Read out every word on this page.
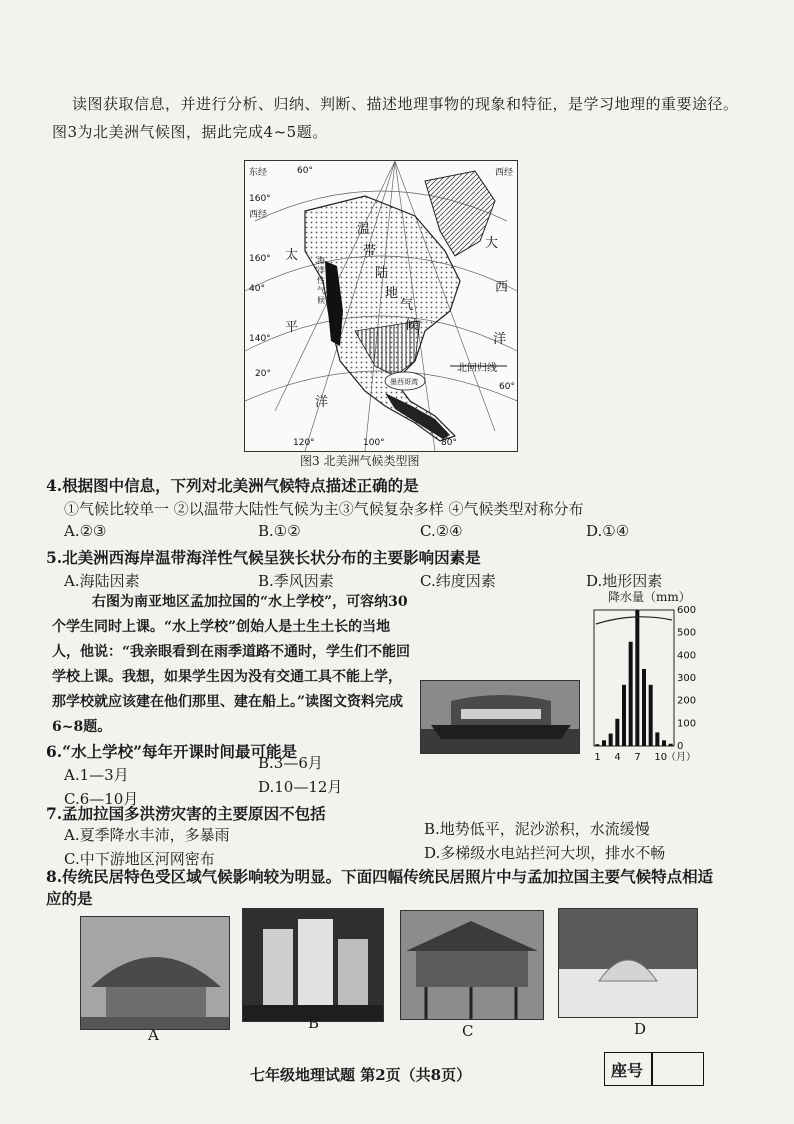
读图获取信息，并进行分析、归纳、判断、描述地理事物的现象和特征，是学习地理的重要途径。图3为北美洲气候图，据此完成4~5题。
东经
160°
西经
60°	西经
160°
40°
140°
20°
120°	100°	80°
60°
北回归线
墨西哥湾
太
平
洋
大
西
洋
温
带
陆
地
气
候
海
洋
性
气
候
图3 北美洲气候类型图
4.根据图中信息，下列对北美洲气候特点描述正确的是
①气候比较单一 ②以温带大陆性气候为主③气候复杂多样 ④气候类型对称分布
A.②③	B.①②	C.②④	D.①④
5.北美洲西海岸温带海洋性气候呈狭长状分布的主要影响因素是
A.海陆因素	B.季风因素	C.纬度因素	D.地形因素
右图为南亚地区孟加拉国的“水上学校”，可容纳30个学生同时上课。“水上学校”创始人是土生土长的当地人，他说：“我亲眼看到在雨季道路不通时，学生们不能回学校上课。我想，如果学生因为没有交通工具不能上学，那学校就应该建在他们那里、建在船上。”读图文资料完成6~8题。
降水量（mm）
0
100
200
300
400
500
600
1 4 7 10
（月）
6.“水上学校”每年开课时间最可能是
A.1—3月
B.3—6月
C.6—10月
D.10—12月
7.孟加拉国多洪涝灾害的主要原因不包括
A.夏季降水丰沛，多暴雨	B.地势低平，泥沙淤积，水流缓慢
C.中下游地区河网密布	D.多梯级水电站拦河大坝，排水不畅
8.传统民居特色受区域气候影响较为明显。下面四幅传统民居照片中与孟加拉国主要气候特点相适应的是
A
B	C	D
七年级地理试题 第2页（共8页）	座号
